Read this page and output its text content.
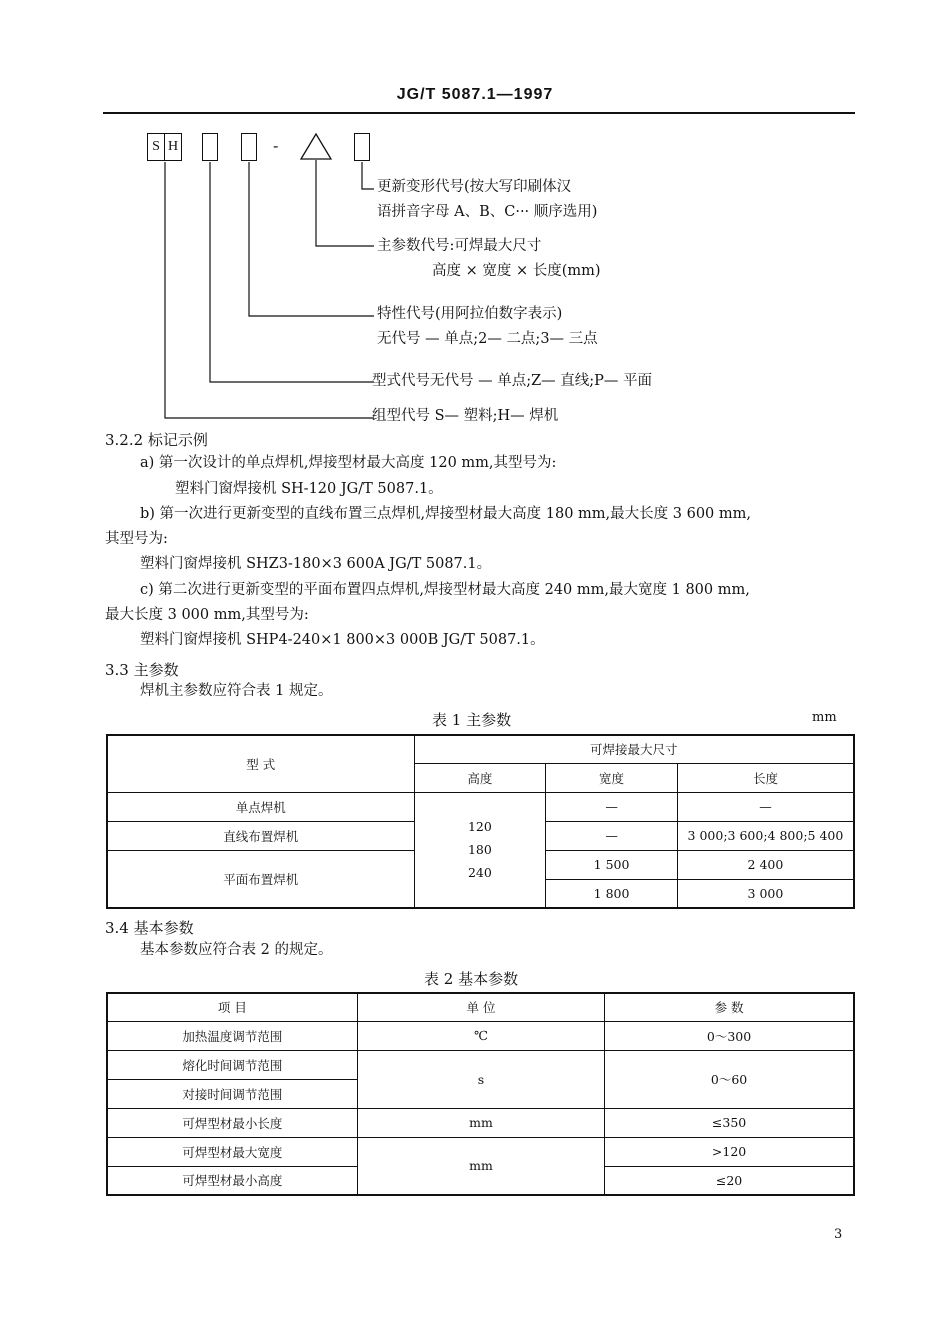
JG/T 5087.1—1997
S H	-
更新变形代号(按大写印刷体汉
语拼音字母 A、B、C··· 顺序选用)
主参数代号:可焊最大尺寸
高度 × 宽度 × 长度(mm)
特性代号(用阿拉伯数字表示)
无代号 — 单点;2— 二点;3— 三点
型式代号无代号 — 单点;Z— 直线;P— 平面
组型代号 S— 塑料;H— 焊机
3.2.2 标记示例
a) 第一次设计的单点焊机,焊接型材最大高度 120 mm,其型号为:
塑料门窗焊接机 SH-120 JG/T 5087.1。
b) 第一次进行更新变型的直线布置三点焊机,焊接型材最大高度 180 mm,最大长度 3 600 mm,
其型号为:
塑料门窗焊接机 SHZ3-180×3 600A JG/T 5087.1。
c) 第二次进行更新变型的平面布置四点焊机,焊接型材最大高度 240 mm,最大宽度 1 800 mm,
最大长度 3 000 mm,其型号为:
塑料门窗焊接机 SHP4-240×1 800×3 000B JG/T 5087.1。
3.3 主参数
焊机主参数应符合表 1 规定。
表 1 主参数	mm
型 式	可焊接最大尺寸		
	高度	宽度	长度
单点焊机	120
180
240	—	—
直线布置焊机		—	3 000;3 600;4 800;5 400
平面布置焊机		1 500	2 400
		1 800	3 000
3.4 基本参数
基本参数应符合表 2 的规定。
表 2 基本参数
项 目	单 位	参 数
加热温度调节范围	℃	0～300
熔化时间调节范围	s	0～60
对接时间调节范围		
可焊型材最小长度	mm	≤350
可焊型材最大宽度	mm	>120
可焊型材最小高度		≤20
3
